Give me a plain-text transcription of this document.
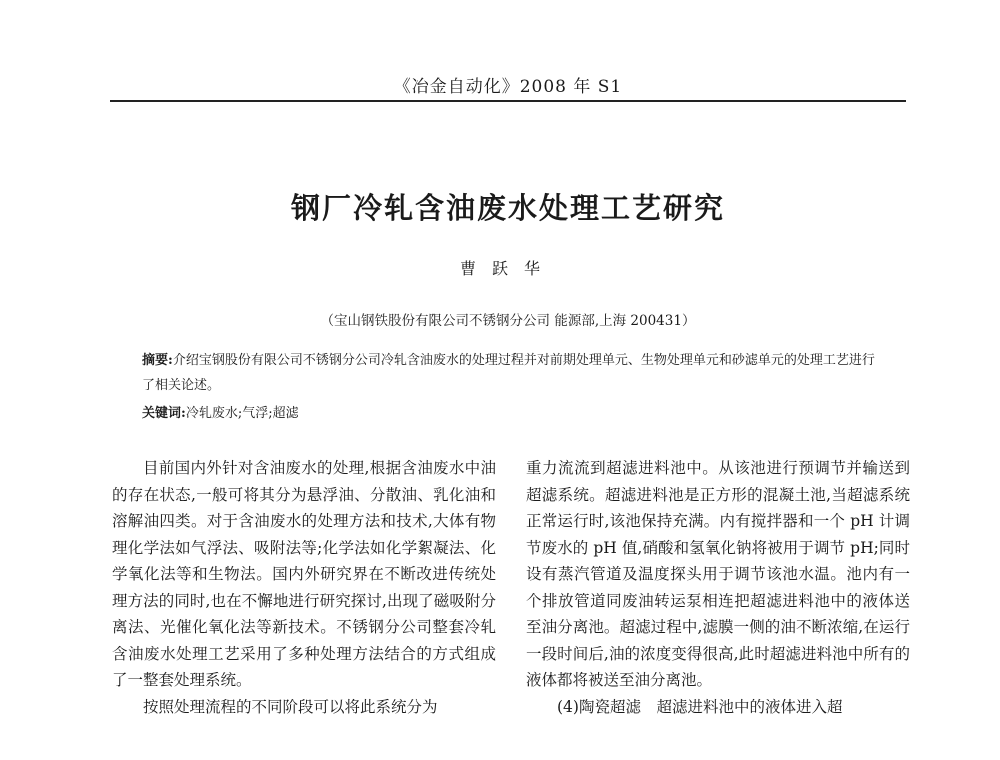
《冶金自动化》2008 年 S1
钢厂冷轧含油废水处理工艺研究
曹跃华
（宝山钢铁股份有限公司不锈钢分公司 能源部,上海 200431）

摘要:介绍宝钢股份有限公司不锈钢分公司冷轧含油废水的处理过程并对前期处理单元、生物处理单元和砂滤单元的处理工艺进行了相关论述。

关键词:冷轧废水;气浮;超滤

目前国内外针对含油废水的处理,根据含油废水中油的存在状态,一般可将其分为悬浮油、分散油、乳化油和溶解油四类。对于含油废水的处理方法和技术,大体有物理化学法如气浮法、吸附法等;化学法如化学絮凝法、化学氧化法等和生物法。国内外研究界在不断改进传统处理方法的同时,也在不懈地进行研究探讨,出现了磁吸附分离法、光催化氧化法等新技术。不锈钢分公司整套冷轧含油废水处理工艺采用了多种处理方法结合的方式组成了一整套处理系统。

按照处理流程的不同阶段可以将此系统分为

重力流流到超滤进料池中。从该池进行预调节并输送到超滤系统。超滤进料池是正方形的混凝土池,当超滤系统正常运行时,该池保持充满。内有搅拌器和一个 pH 计调节废水的 pH 值,硝酸和氢氧化钠将被用于调节 pH;同时设有蒸汽管道及温度探头用于调节该池水温。池内有一个排放管道同废油转运泵相连把超滤进料池中的液体送至油分离池。超滤过程中,滤膜一侧的油不断浓缩,在运行一段时间后,油的浓度变得很高,此时超滤进料池中所有的液体都将被送至油分离池。

(4)陶瓷超滤　超滤进料池中的液体进入超
